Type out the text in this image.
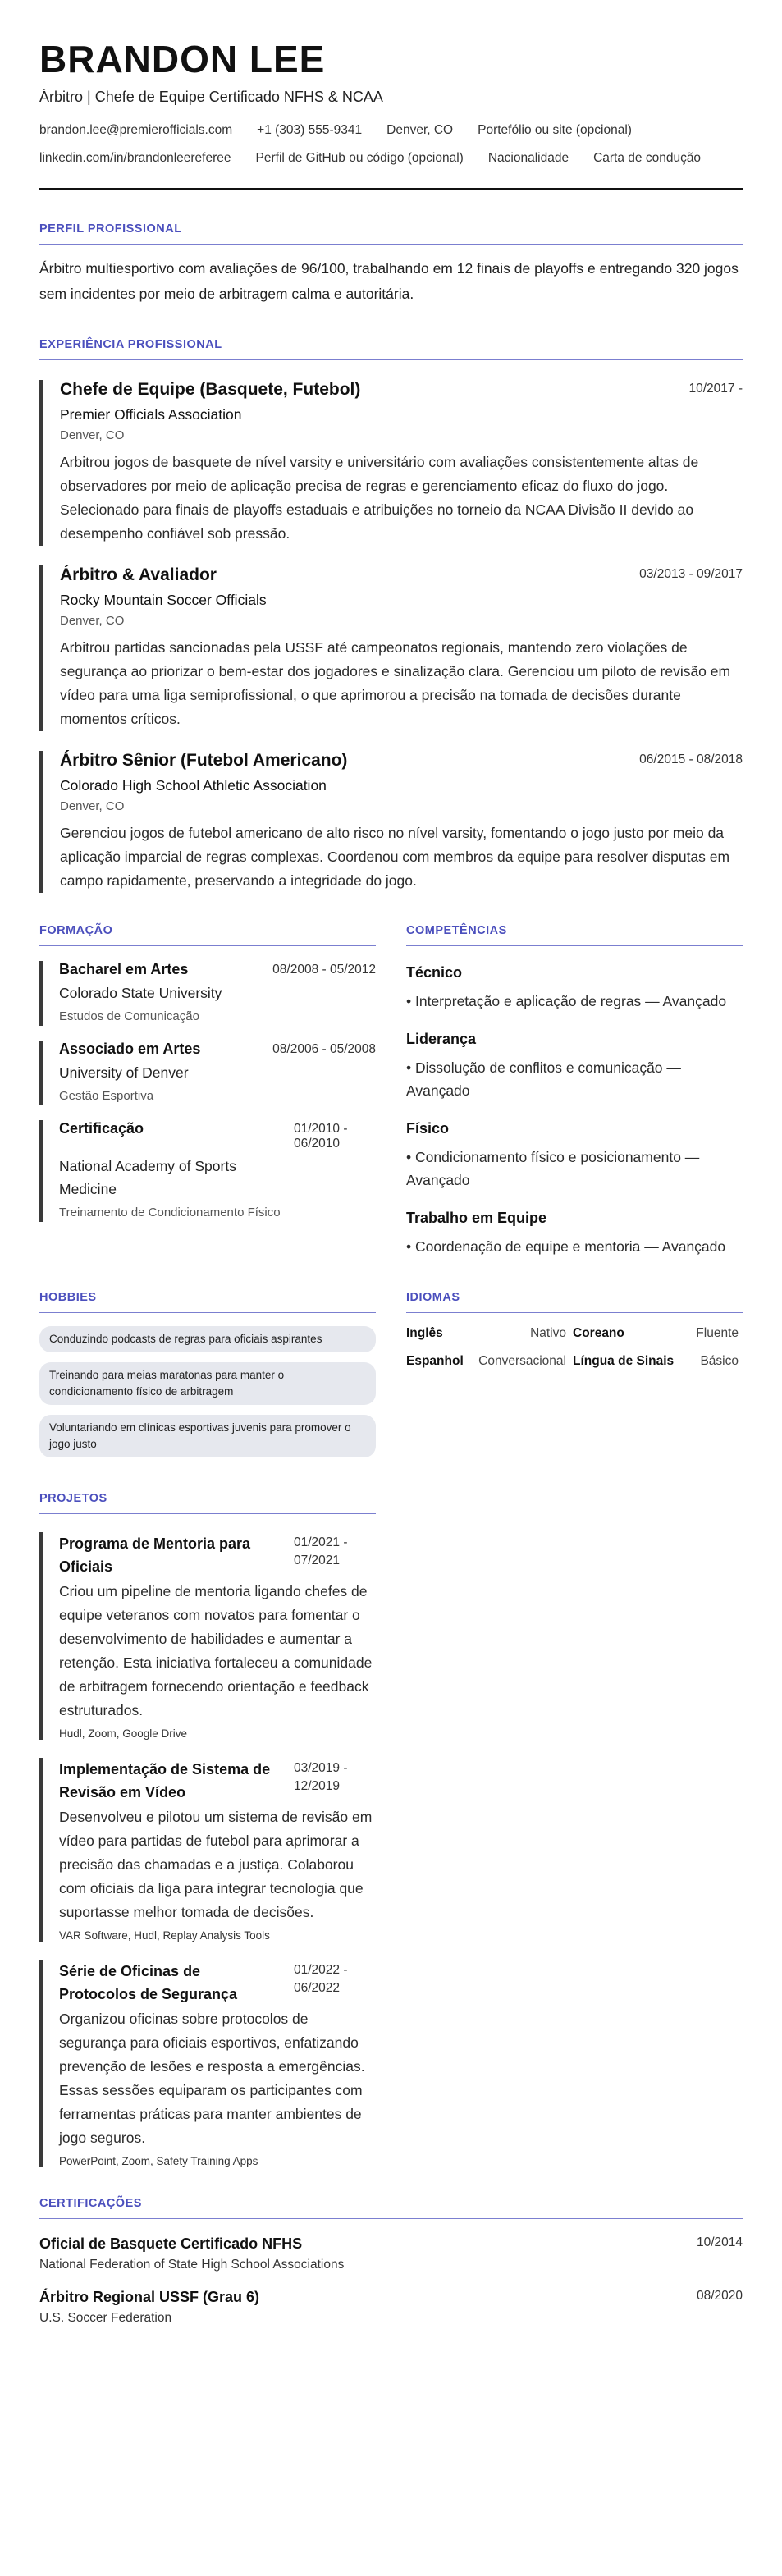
BRANDON LEE
Árbitro | Chefe de Equipe Certificado NFHS & NCAA
brandon.lee@premierofficials.com +1 (303) 555-9341 Denver, CO Portefólio ou site (opcional)
linkedin.com/in/brandonleereferee Perfil de GitHub ou código (opcional) Nacionalidade Carta de condução
PERFIL PROFISSIONAL
Árbitro multiesportivo com avaliações de 96/100, trabalhando em 12 finais de playoffs e entregando 320 jogos sem incidentes por meio de arbitragem calma e autoritária.
EXPERIÊNCIA PROFISSIONAL
Chefe de Equipe (Basquete, Futebol)	10/2017 -
Premier Officials Association
Denver, CO
Arbitrou jogos de basquete de nível varsity e universitário com avaliações consistentemente altas de observadores por meio de aplicação precisa de regras e gerenciamento eficaz do fluxo do jogo. Selecionado para finais de playoffs estaduais e atribuições no torneio da NCAA Divisão II devido ao desempenho confiável sob pressão.
Árbitro & Avaliador	03/2013 - 09/2017
Rocky Mountain Soccer Officials
Denver, CO
Arbitrou partidas sancionadas pela USSF até campeonatos regionais, mantendo zero violações de segurança ao priorizar o bem-estar dos jogadores e sinalização clara. Gerenciou um piloto de revisão em vídeo para uma liga semiprofissional, o que aprimorou a precisão na tomada de decisões durante momentos críticos.
Árbitro Sênior (Futebol Americano)	06/2015 - 08/2018
Colorado High School Athletic Association
Denver, CO
Gerenciou jogos de futebol americano de alto risco no nível varsity, fomentando o jogo justo por meio da aplicação imparcial de regras complexas. Coordenou com membros da equipe para resolver disputas em campo rapidamente, preservando a integridade do jogo.
FORMAÇÃO
Bacharel em Artes	08/2008 - 05/2012
Colorado State University
Estudos de Comunicação
Associado em Artes	08/2006 - 05/2008
University of Denver
Gestão Esportiva
Certificação	01/2010 -
06/2010
National Academy of Sports Medicine
Treinamento de Condicionamento Físico
COMPETÊNCIAS
Técnico
• Interpretação e aplicação de regras — Avançado
Liderança
• Dissolução de conflitos e comunicação — Avançado
Físico
• Condicionamento físico e posicionamento — Avançado
Trabalho em Equipe
• Coordenação de equipe e mentoria — Avançado
HOBBIES
Conduzindo podcasts de regras para oficiais aspirantes
Treinando para meias maratonas para manter o condicionamento físico de arbitragem
Voluntariando em clínicas esportivas juvenis para promover o jogo justo
IDIOMAS
Inglês	Nativo Coreano	Fluente
Espanhol	Conversacional Língua de Sinais	Básico
PROJETOS
Programa de Mentoria para Oficiais
01/2021 -
07/2021
Criou um pipeline de mentoria ligando chefes de equipe veteranos com novatos para fomentar o desenvolvimento de habilidades e aumentar a retenção. Esta iniciativa fortaleceu a comunidade de arbitragem fornecendo orientação e feedback estruturados.
Hudl, Zoom, Google Drive
Implementação de Sistema de Revisão em Vídeo
03/2019 -
12/2019
Desenvolveu e pilotou um sistema de revisão em vídeo para partidas de futebol para aprimorar a precisão das chamadas e a justiça. Colaborou com oficiais da liga para integrar tecnologia que suportasse melhor tomada de decisões.
VAR Software, Hudl, Replay Analysis Tools
Série de Oficinas de Protocolos de Segurança
01/2022 -
06/2022
Organizou oficinas sobre protocolos de segurança para oficiais esportivos, enfatizando prevenção de lesões e resposta a emergências. Essas sessões equiparam os participantes com ferramentas práticas para manter ambientes de jogo seguros.
PowerPoint, Zoom, Safety Training Apps
CERTIFICAÇÕES
Oficial de Basquete Certificado NFHS	10/2014
National Federation of State High School Associations
Árbitro Regional USSF (Grau 6)	08/2020
U.S. Soccer Federation
